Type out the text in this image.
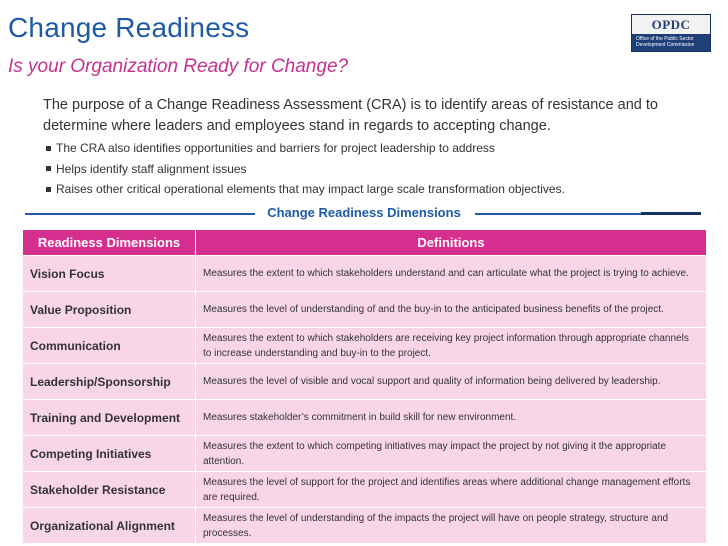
Change Readiness
Is your Organization Ready for Change?
OPDC
Office of the Public Sector
Development Commission
The purpose of a Change Readiness Assessment (CRA) is to identify areas of resistance and to determine where leaders and employees stand in regards to accepting change.
The CRA also identifies opportunities and barriers for project leadership to address
Helps identify staff alignment issues
Raises other critical operational elements that may impact large scale transformation objectives.
Change Readiness Dimensions
Readiness Dimensions	Definitions
Vision Focus	Measures the extent to which stakeholders understand and can articulate what the project is trying to achieve.
Value Proposition	Measures the level of understanding of and the buy-in to the anticipated business benefits of the project.
Communication	Measures the extent to which stakeholders are receiving key project information through appropriate channels to increase understanding and buy-in to the project.
Leadership/Sponsorship	Measures the level of visible and vocal support and quality of information being delivered by leadership.
Training and Development	Measures stakeholder’s commitment in build skill for new environment.
Competing Initiatives	Measures the extent to which competing initiatives may impact the project by not giving it the appropriate attention.
Stakeholder Resistance	Measures the level of support for the project and identifies areas where additional change management efforts are required.
Organizational Alignment	Measures the level of understanding of the impacts the project will have on people strategy, structure and processes.
